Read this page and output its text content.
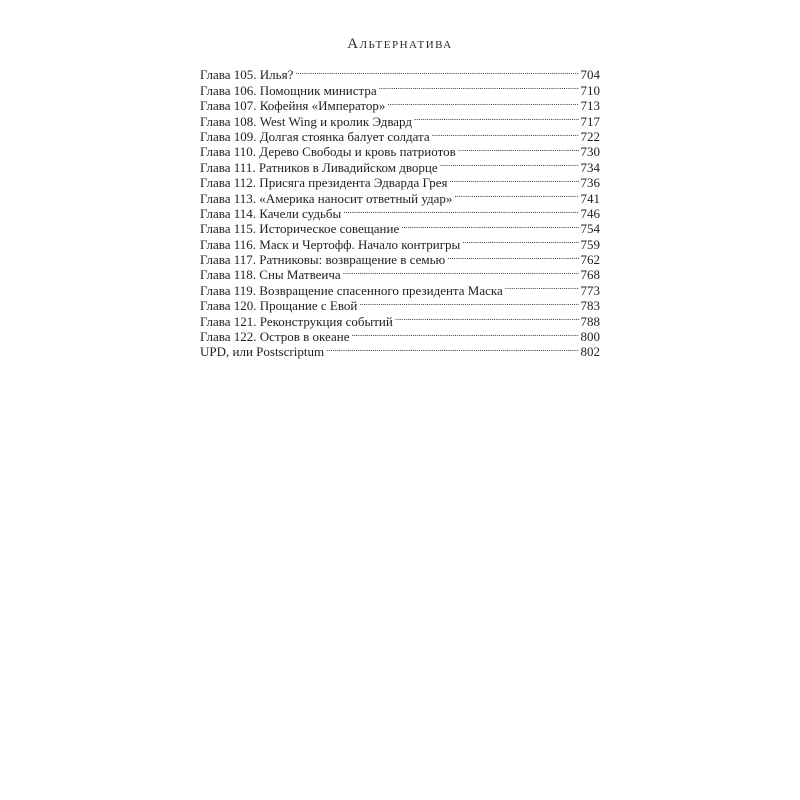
Альтернатива
Глава 105. Илья? . . .	704
Глава 106. Помощник министра . . .	710
Глава 107. Кофейня «Император» . . .	713
Глава 108. West Wing и кролик Эдвард . . .	717
Глава 109. Долгая стоянка балует солдата . . .	722
Глава 110. Дерево Свободы и кровь патриотов . . .	730
Глава 111. Ратников в Ливадийском дворце . . .	734
Глава 112. Присяга президента Эдварда Грея . . .	736
Глава 113. «Америка наносит ответный удар» . . .	741
Глава 114. Качели судьбы . . .	746
Глава 115. Историческое совещание . . .	754
Глава 116. Маск и Чертофф. Начало контригры . . .	759
Глава 117. Ратниковы: возвращение в семью . . .	762
Глава 118. Сны Матвеича . . .	768
Глава 119. Возвращение спасенного президента Маска . . .	773
Глава 120. Прощание с Евой . . .	783
Глава 121. Реконструкция событий . . .	788
Глава 122. Остров в океане . . .	800
UPD, или Postscriptum . . .	802
